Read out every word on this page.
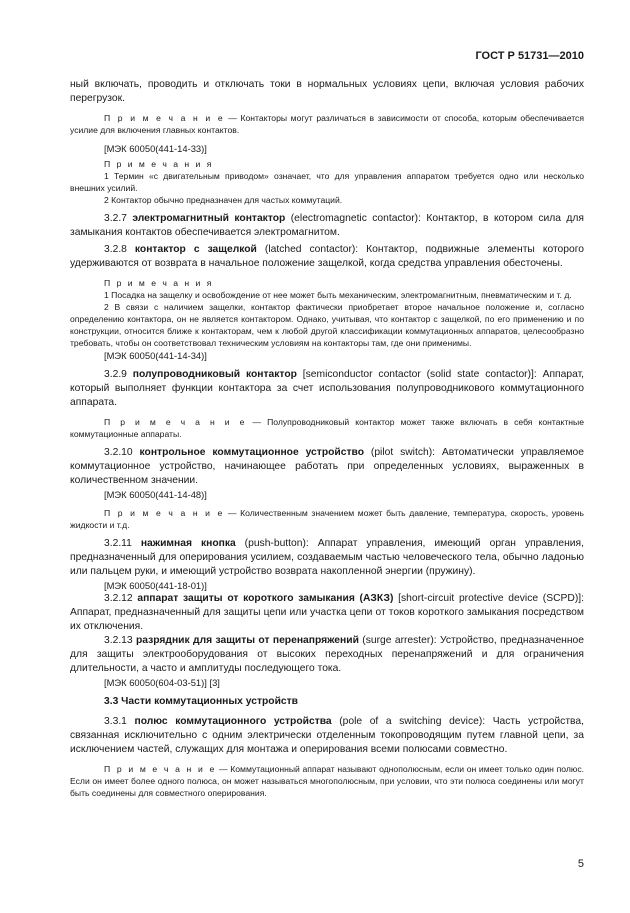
ГОСТ Р 51731—2010

ный включать, проводить и отключать токи в нормальных условиях цепи, включая условия рабочих перегрузок.

П р и м е ч а н и е — Контакторы могут различаться в зависимости от способа, которым обеспечивается усилие для включения главных контактов.

[МЭК 60050(441-14-33)]

П р и м е ч а н и я

1 Термин «с двигательным приводом» означает, что для управления аппаратом требуется одно или несколько внешних усилий.

2 Контактор обычно предназначен для частых коммутаций.

3.2.7 электромагнитный контактор (electromagnetic contactor): Контактор, в котором сила для замыкания контактов обеспечивается электромагнитом.

3.2.8 контактор с защелкой (latched contactor): Контактор, подвижные элементы которого удерживаются от возврата в начальное положение защелкой, когда средства управления обесточены.

П р и м е ч а н и я

1 Посадка на защелку и освобождение от нее может быть механическим, электромагнитным, пневматическим и т. д.

2 В связи с наличием защелки, контактор фактически приобретает второе начальное положение и, согласно определению контактора, он не является контактором. Однако, учитывая, что контактор с защелкой, по его применению и по конструкции, относится ближе к контакторам, чем к любой другой классификации коммутационных аппаратов, целесообразно требовать, чтобы он соответствовал техническим условиям на контакторы там, где они применимы.

[МЭК 60050(441-14-34)]

3.2.9 полупроводниковый контактор [semiconductor contactor (solid state contactor)]: Аппарат, который выполняет функции контактора за счет использования полупроводникового коммутационного аппарата.

П р и м е ч а н и е — Полупроводниковый контактор может также включать в себя контактные коммутационные аппараты.

3.2.10 контрольное коммутационное устройство (pilot switch): Автоматически управляемое коммутационное устройство, начинающее работать при определенных условиях, выраженных в количественном значении.

[МЭК 60050(441-14-48)]

П р и м е ч а н и е — Количественным значением может быть давление, температура, скорость, уровень жидкости и т.д.

3.2.11 нажимная кнопка (push-button): Аппарат управления, имеющий орган управления, предназначенный для оперирования усилием, создаваемым частью человеческого тела, обычно ладонью или пальцем руки, и имеющий устройство возврата накопленной энергии (пружину).

[МЭК 60050(441-18-01)]

3.2.12 аппарат защиты от короткого замыкания (АЗКЗ) [short-circuit protective device (SCPD)]: Аппарат, предназначенный для защиты цепи или участка цепи от токов короткого замыкания посредством их отключения.

3.2.13 разрядник для защиты от перенапряжений (surge arrester): Устройство, предназначенное для защиты электрооборудования от высоких переходных перенапряжений и для ограничения длительности, а часто и амплитуды последующего тока.

[МЭК 60050(604-03-51)] [3]

3.3 Части коммутационных устройств

3.3.1 полюс коммутационного устройства (pole of a switching device): Часть устройства, связанная исключительно с одним электрически отделенным токопроводящим путем главной цепи, за исключением частей, служащих для монтажа и оперирования всеми полюсами совместно.

П р и м е ч а н и е — Коммутационный аппарат называют однополюсным, если он имеет только один полюс. Если он имеет более одного полюса, он может называться многополюсным, при условии, что эти полюса соединены или могут быть соединены для совместного оперирования.

5
